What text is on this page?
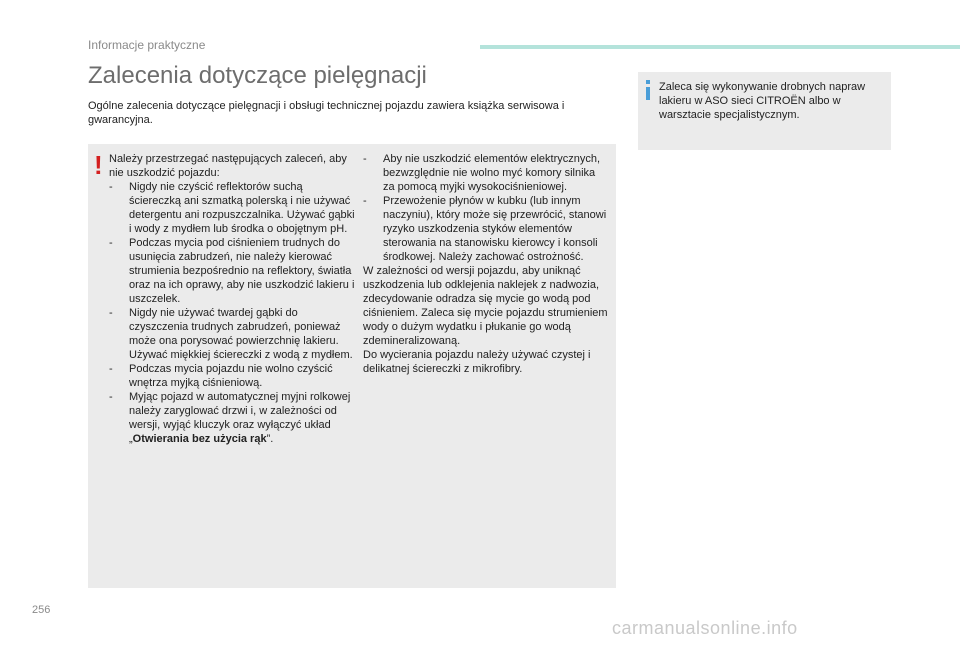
Informacje praktyczne
Zalecenia dotyczące pielęgnacji

Ogólne zalecenia dotyczące pielęgnacji i obsługi technicznej pojazdu zawiera książka serwisowa i gwarancyjna.

! Należy przestrzegać następujących zaleceń, aby nie uszkodzić pojazdu:

- Nigdy nie czyścić reflektorów suchą ściereczką ani szmatką polerską i nie używać detergentu ani rozpuszczalnika. Używać gąbki i wody z mydłem lub środka o obojętnym pH.
- Podczas mycia pod ciśnieniem trudnych do usunięcia zabrudzeń, nie należy kierować strumienia bezpośrednio na reflektory, światła oraz na ich oprawy, aby nie uszkodzić lakieru i uszczelek.
- Nigdy nie używać twardej gąbki do czyszczenia trudnych zabrudzeń, ponieważ może ona porysować powierzchnię lakieru. Używać miękkiej ściereczki z wodą z mydłem.
- Podczas mycia pojazdu nie wolno czyścić wnętrza myjką ciśnieniową.
- Myjąc pojazd w automatycznej myjni rolkowej należy zaryglować drzwi i, w zależności od wersji, wyjąć kluczyk oraz wyłączyć układ „Otwierania bez użycia rąk”.
- Aby nie uszkodzić elementów elektrycznych, bezwzględnie nie wolno myć komory silnika za pomocą myjki wysokociśnieniowej.
- Przewożenie płynów w kubku (lub innym naczyniu), który może się przewrócić, stanowi ryzyko uszkodzenia styków elementów sterowania na stanowisku kierowcy i konsoli środkowej. Należy zachować ostrożność.

W zależności od wersji pojazdu, aby uniknąć uszkodzenia lub odklejenia naklejek z nadwozia, zdecydowanie odradza się mycie go wodą pod ciśnieniem. Zaleca się mycie pojazdu strumieniem wody o dużym wydatku i płukanie go wodą zdemineralizowaną.

Do wycierania pojazdu należy używać czystej i delikatnej ściereczki z mikrofibry.

Zaleca się wykonywanie drobnych napraw lakieru w ASO sieci CITROËN albo w warsztacie specjalistycznym.

256
carmanualsonline.info
